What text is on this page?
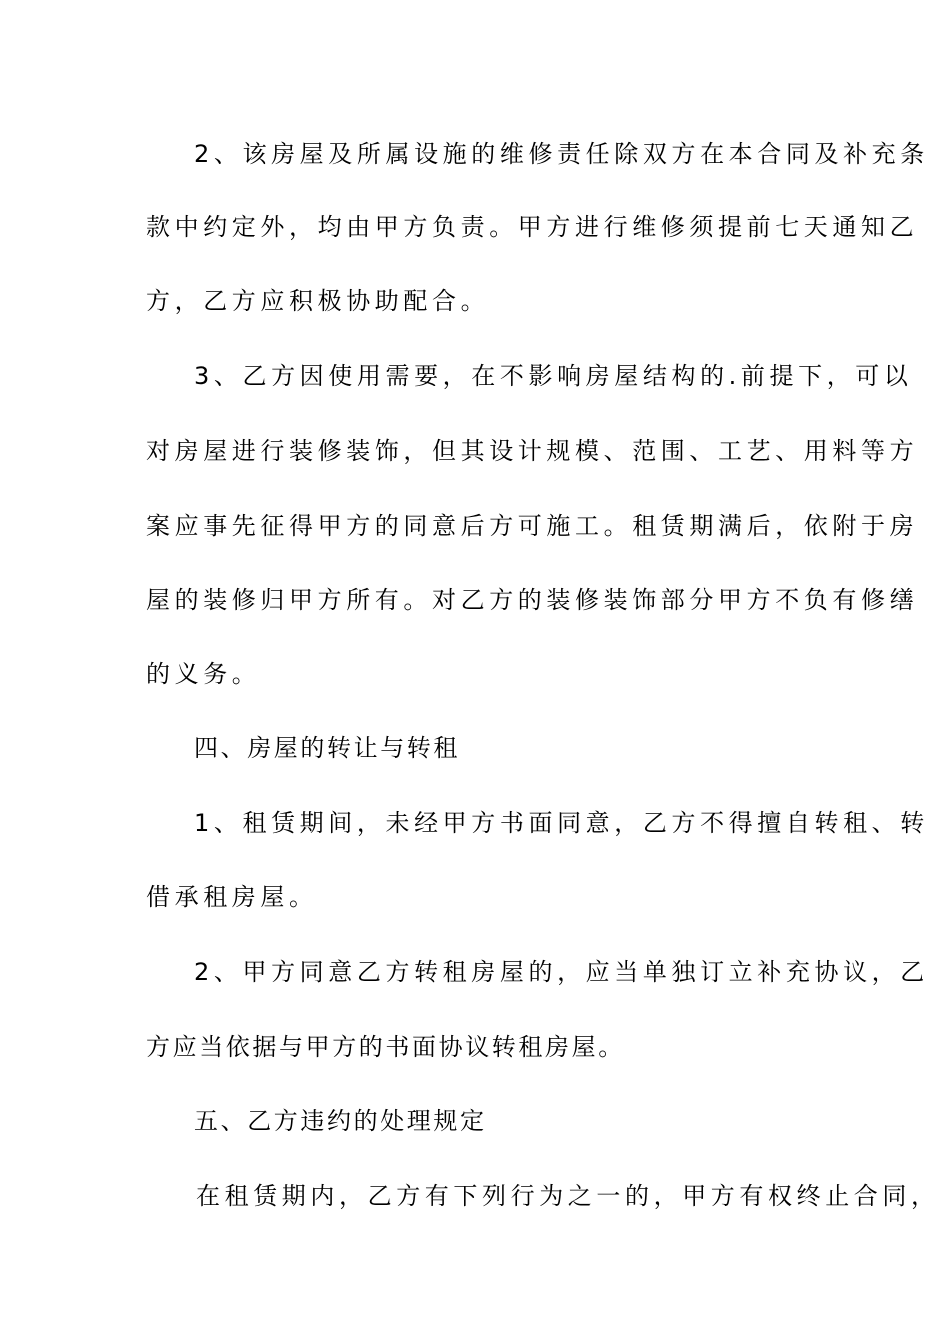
2、该房屋及所属设施的维修责任除双方在本合同及补充条
款中约定外，均由甲方负责。甲方进行维修须提前七天通知乙
方，乙方应积极协助配合。
3、乙方因使用需要，在不影响房屋结构的.前提下，可以
对房屋进行装修装饰，但其设计规模、范围、工艺、用料等方
案应事先征得甲方的同意后方可施工。租赁期满后，依附于房
屋的装修归甲方所有。对乙方的装修装饰部分甲方不负有修缮
的义务。
四、房屋的转让与转租
1、租赁期间，未经甲方书面同意，乙方不得擅自转租、转
借承租房屋。
2、甲方同意乙方转租房屋的，应当单独订立补充协议，乙
方应当依据与甲方的书面协议转租房屋。
五、乙方违约的处理规定
在租赁期内，乙方有下列行为之一的，甲方有权终止合同，
